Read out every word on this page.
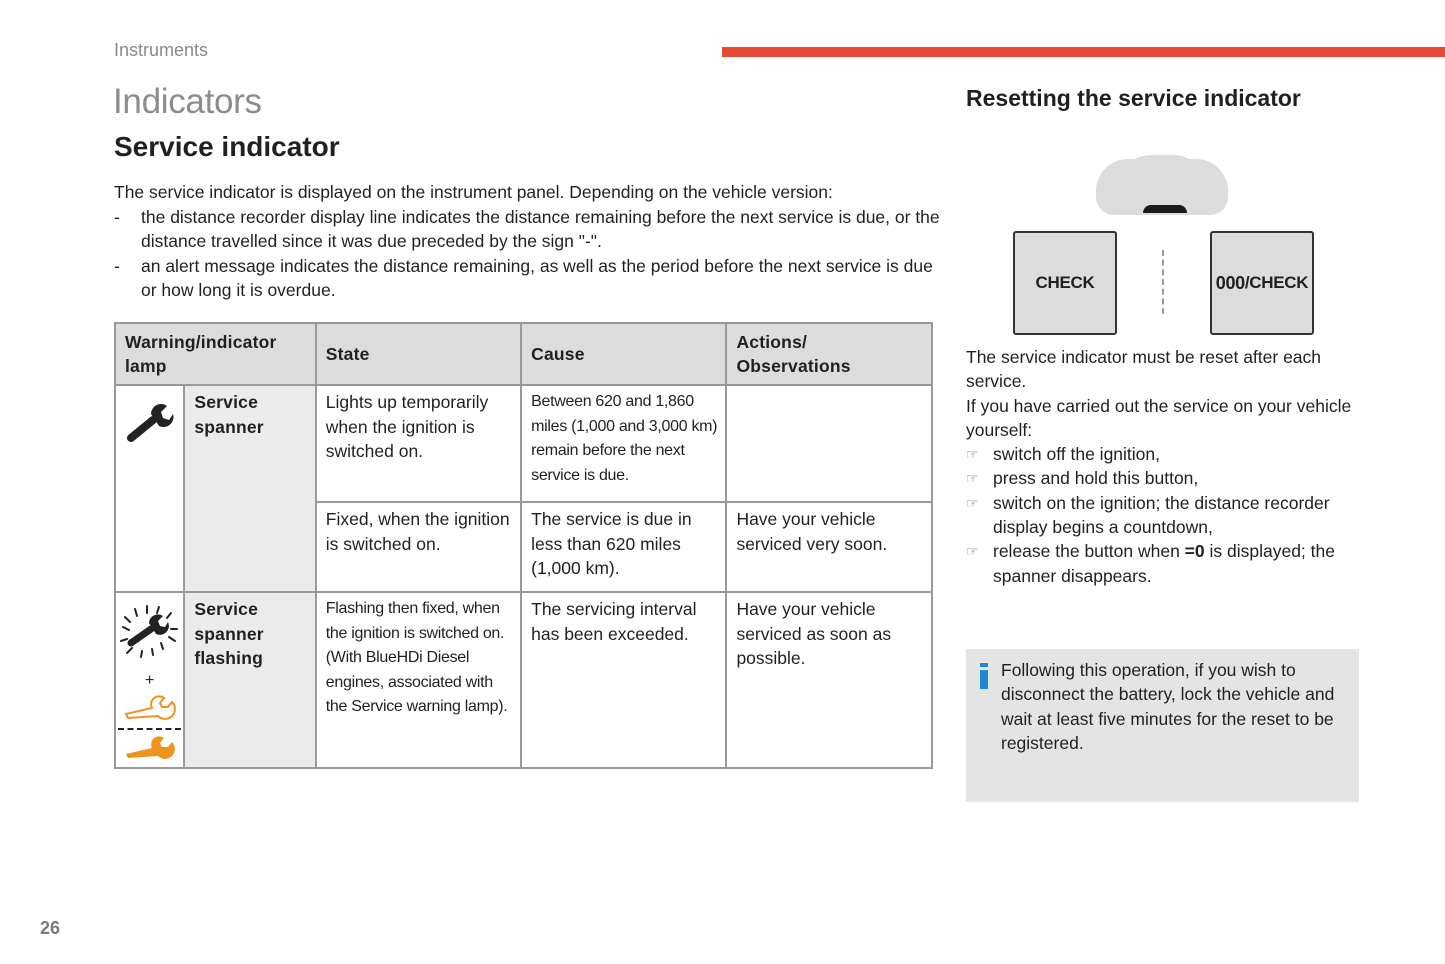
Instruments
Indicators
Service indicator

The service indicator is displayed on the instrument panel. Depending on the vehicle version:

- the distance recorder display line indicates the distance remaining before the next service is due, or the distance travelled since it was due preceded by the sign "-".
- an alert message indicates the distance remaining, as well as the period before the next service is due or how long it is overdue.
Warning/indicator lamp		State	Cause	Actions/ Observations
	Service spanner	Lights up temporarily when the ignition is switched on.	Between 620 and 1,860 miles (1,000 and 3,000 km) remain before the next service is due.	
		Fixed, when the ignition is switched on.	The service is due in less than 620 miles (1,000 km).	Have your vehicle serviced very soon.

+	Service spanner flashing	Flashing then fixed, when the ignition is switched on. (With BlueHDi Diesel engines, associated with the Service warning lamp).	The servicing interval has been exceeded.	Have your vehicle serviced as soon as possible.
Resetting the service indicator
CHECK	000 /CHECK

The service indicator must be reset after each service.

If you have carried out the service on your vehicle yourself:

☞ switch off the ignition,
☞ press and hold this button,
☞ switch on the ignition; the distance recorder display begins a countdown,
☞ release the button when =0 is displayed; the spanner disappears.
Following this operation, if you wish to disconnect the battery, lock the vehicle and wait at least five minutes for the reset to be registered.
26
